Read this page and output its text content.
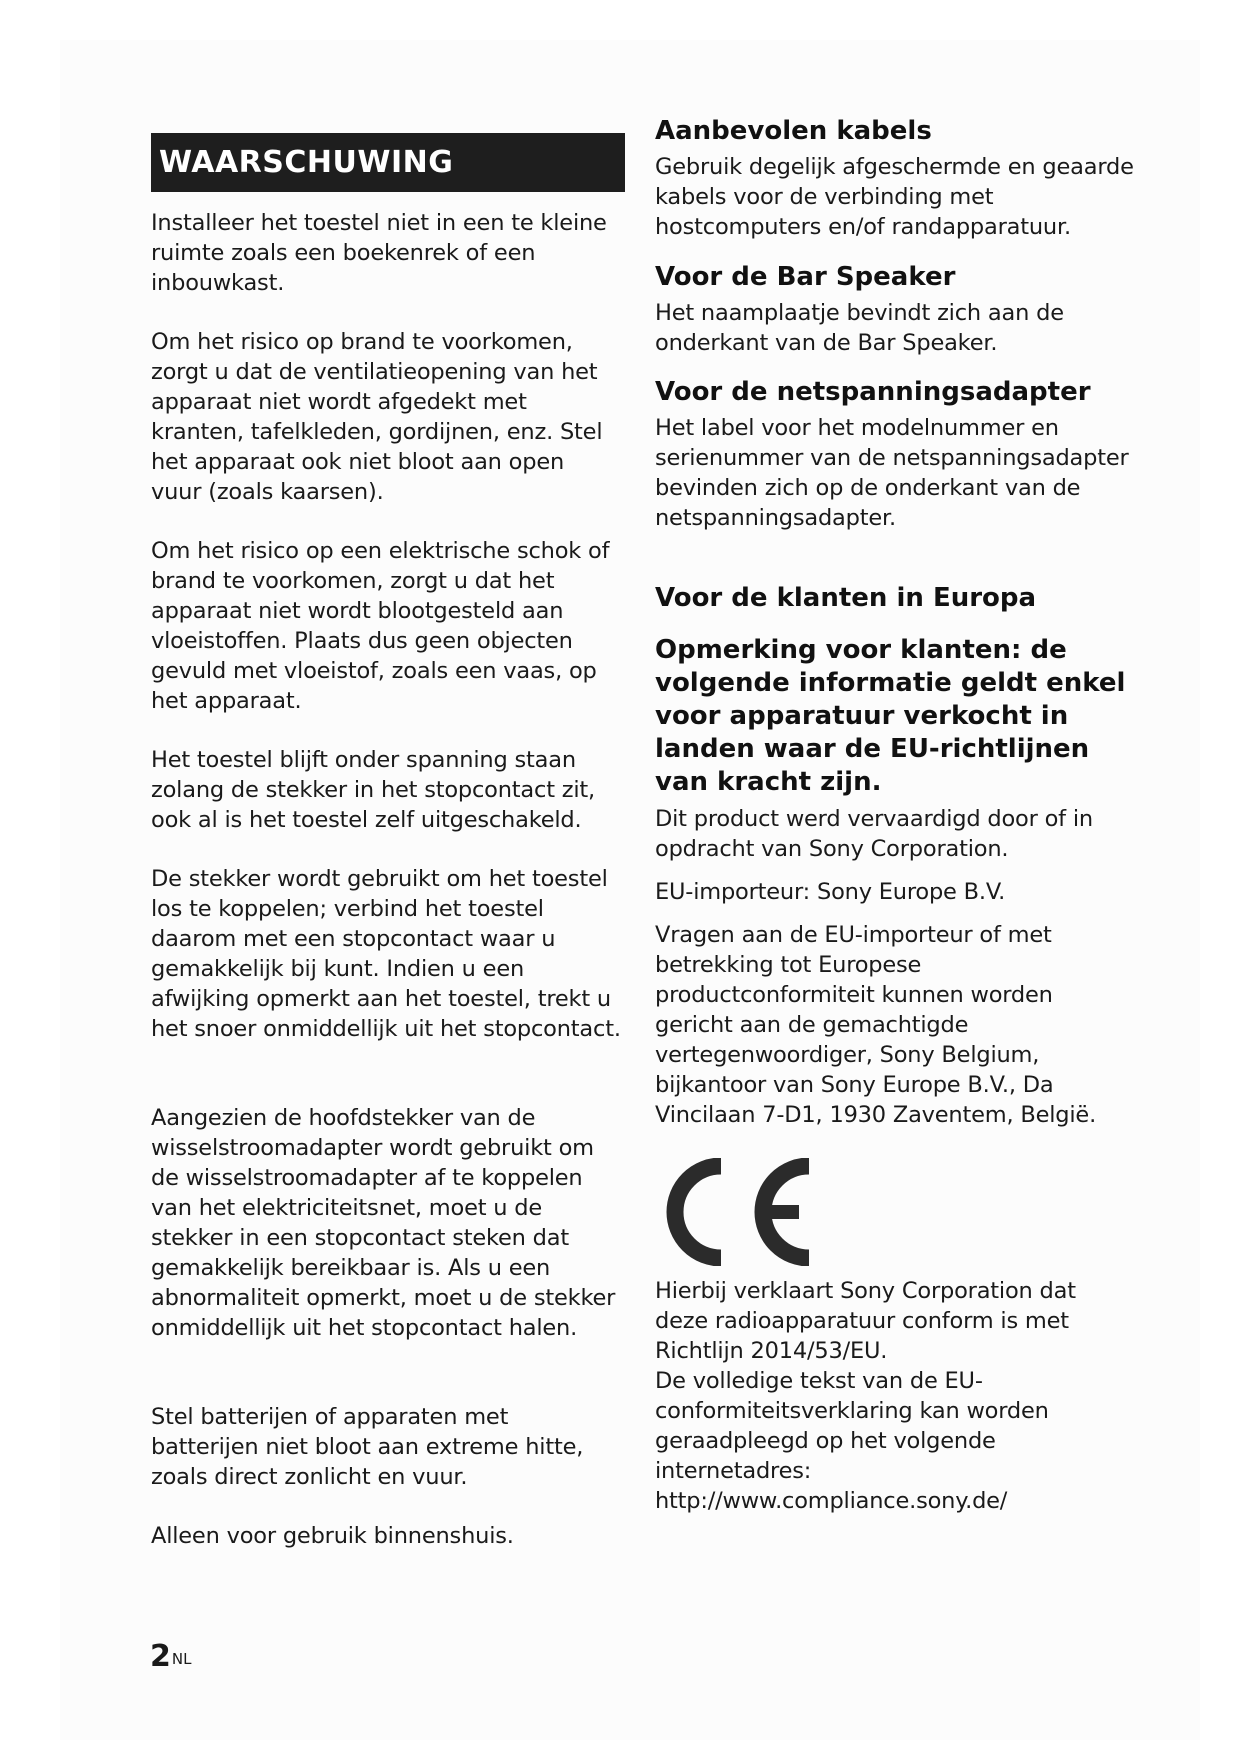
WAARSCHUWING

Installeer het toestel niet in een te kleine ruimte zoals een boekenrek of een inbouwkast.

Om het risico op brand te voorkomen, zorgt u dat de ventilatieopening van het apparaat niet wordt afgedekt met kranten, tafelkleden, gordijnen, enz. Stel het apparaat ook niet bloot aan open vuur (zoals kaarsen).

Om het risico op een elektrische schok of brand te voorkomen, zorgt u dat het apparaat niet wordt blootgesteld aan vloeistoffen. Plaats dus geen objecten gevuld met vloeistof, zoals een vaas, op het apparaat.

Het toestel blijft onder spanning staan zolang de stekker in het stopcontact zit, ook al is het toestel zelf uitgeschakeld.

De stekker wordt gebruikt om het toestel los te koppelen; verbind het toestel daarom met een stopcontact waar u gemakkelijk bij kunt. Indien u een afwijking opmerkt aan het toestel, trekt u het snoer onmiddellijk uit het stopcontact.

Aangezien de hoofdstekker van de wisselstroomadapter wordt gebruikt om de wisselstroomadapter af te koppelen van het elektriciteitsnet, moet u de stekker in een stopcontact steken dat gemakkelijk bereikbaar is. Als u een abnormaliteit opmerkt, moet u de stekker onmiddellijk uit het stopcontact halen.

Stel batterijen of apparaten met batterijen niet bloot aan extreme hitte, zoals direct zonlicht en vuur.

Alleen voor gebruik binnenshuis.

Aanbevolen kabels

Gebruik degelijk afgeschermde en geaarde kabels voor de verbinding met hostcomputers en/of randapparatuur.

Voor de Bar Speaker

Het naamplaatje bevindt zich aan de onderkant van de Bar Speaker.

Voor de netspanningsadapter

Het label voor het modelnummer en serienummer van de netspanningsadapter bevinden zich op de onderkant van de netspanningsadapter.

Voor de klanten in Europa
Opmerking voor klanten: de volgende informatie geldt enkel voor apparatuur verkocht in landen waar de EU-richtlijnen van kracht zijn.

Dit product werd vervaardigd door of in opdracht van Sony Corporation.

EU-importeur: Sony Europe B.V.

Vragen aan de EU-importeur of met betrekking tot Europese productconformiteit kunnen worden gericht aan de gemachtigde vertegenwoordiger, Sony Belgium, bijkantoor van Sony Europe B.V., Da Vincilaan 7-D1, 1930 Zaventem, België.

Hierbij verklaart Sony Corporation dat deze radioapparatuur conform is met Richtlijn 2014/53/EU.

De volledige tekst van de EU-conformiteitsverklaring kan worden geraadpleegd op het volgende internetadres:

http://www.compliance.sony.de/

$2^{NL}$
